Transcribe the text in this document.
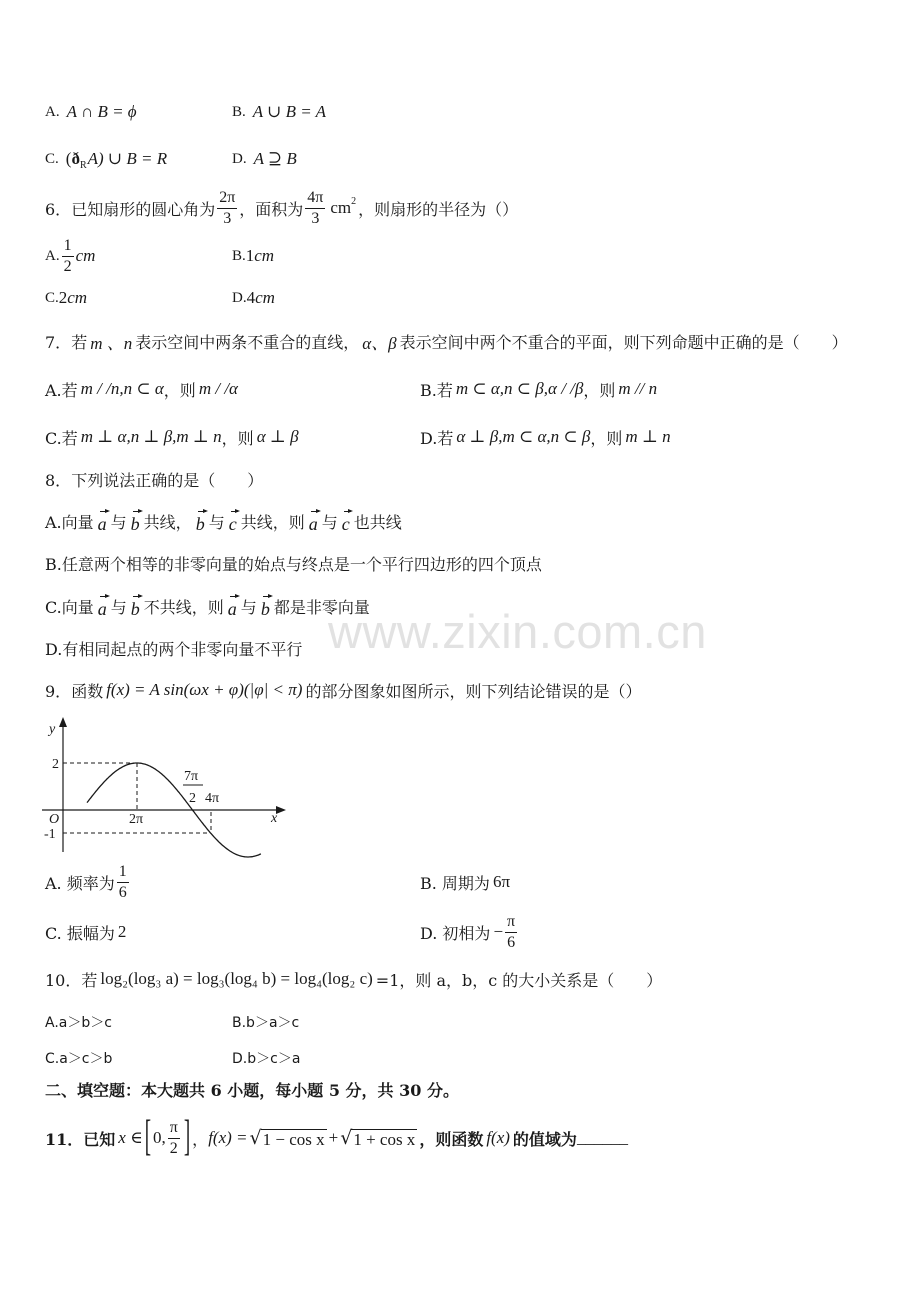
www.zixin.com.cn
A. A ∩ B = ϕ	B. A ∪ B = A
C. ( ð R A) ∪ B = R	D. A ⊇ B
6． 已知扇形的圆心角为 $\frac{2\pi}{3}$ ，面积为 $\frac{4\pi}{3}$ cm 2 ，则扇形的半径为（）
A. $\frac{1}{2}$ cm	B. 1 cm
C. 2 cm	D. 4 cm
7． 若 m 、n 表示空间中两条不重合的直线， α、β 表示空间中两个不重合的平面，则下列命题中正确的是（　　）
A.若 m / /n,n ⊂ α ，则 m / /α	B.若 m ⊂ α,n ⊂ β,α / /β ，则 m // n
C.若 m ⊥ α,n ⊥ β,m ⊥ n ，则 α ⊥ β	D.若 α ⊥ β,m ⊂ α,n ⊂ β ，则 m ⊥ n
8． 下列说法正确的是（　　）
A.向量 a 与 b 共线， b 与 c 共线，则 a 与 c 也共线
B.任意两个相等的非零向量的始点与终点是一个平行四边形的四个顶点
C.向量 a 与 b 不共线，则 a 与 b 都是非零向量
D.有相同起点的两个非零向量不平行
9． 函数 f(x) = A sin(ωx + φ) (|φ| < π) 的部分图象如图所示，则下列结论错误的是（）
y
2
O
-1
2π
7π
2 4π
x
A. 频率为 $\frac{1}{6}$	B. 周期为 6π
C. 振幅为 2	D. 初相为 − $\frac{\pi}{6}$
10． 若 log₂(log₃ a) = log₃(log₄ b) = log₄(log₂ c) =1，则 a，b，c 的大小关系是（　　）
A.a＞b＞c	B.b＞a＞c
C.a＞c＞b	D.b＞c＞a
二、填空题：本大题共 6 小题，每小题 5 分，共 30 分。
11． 已知 x ∈ [ 0, $\frac{\pi}{2}$ ] ， f(x) = √ 1 − cos x + √ 1 + cos x ，则函数 f(x) 的值域为 ______
